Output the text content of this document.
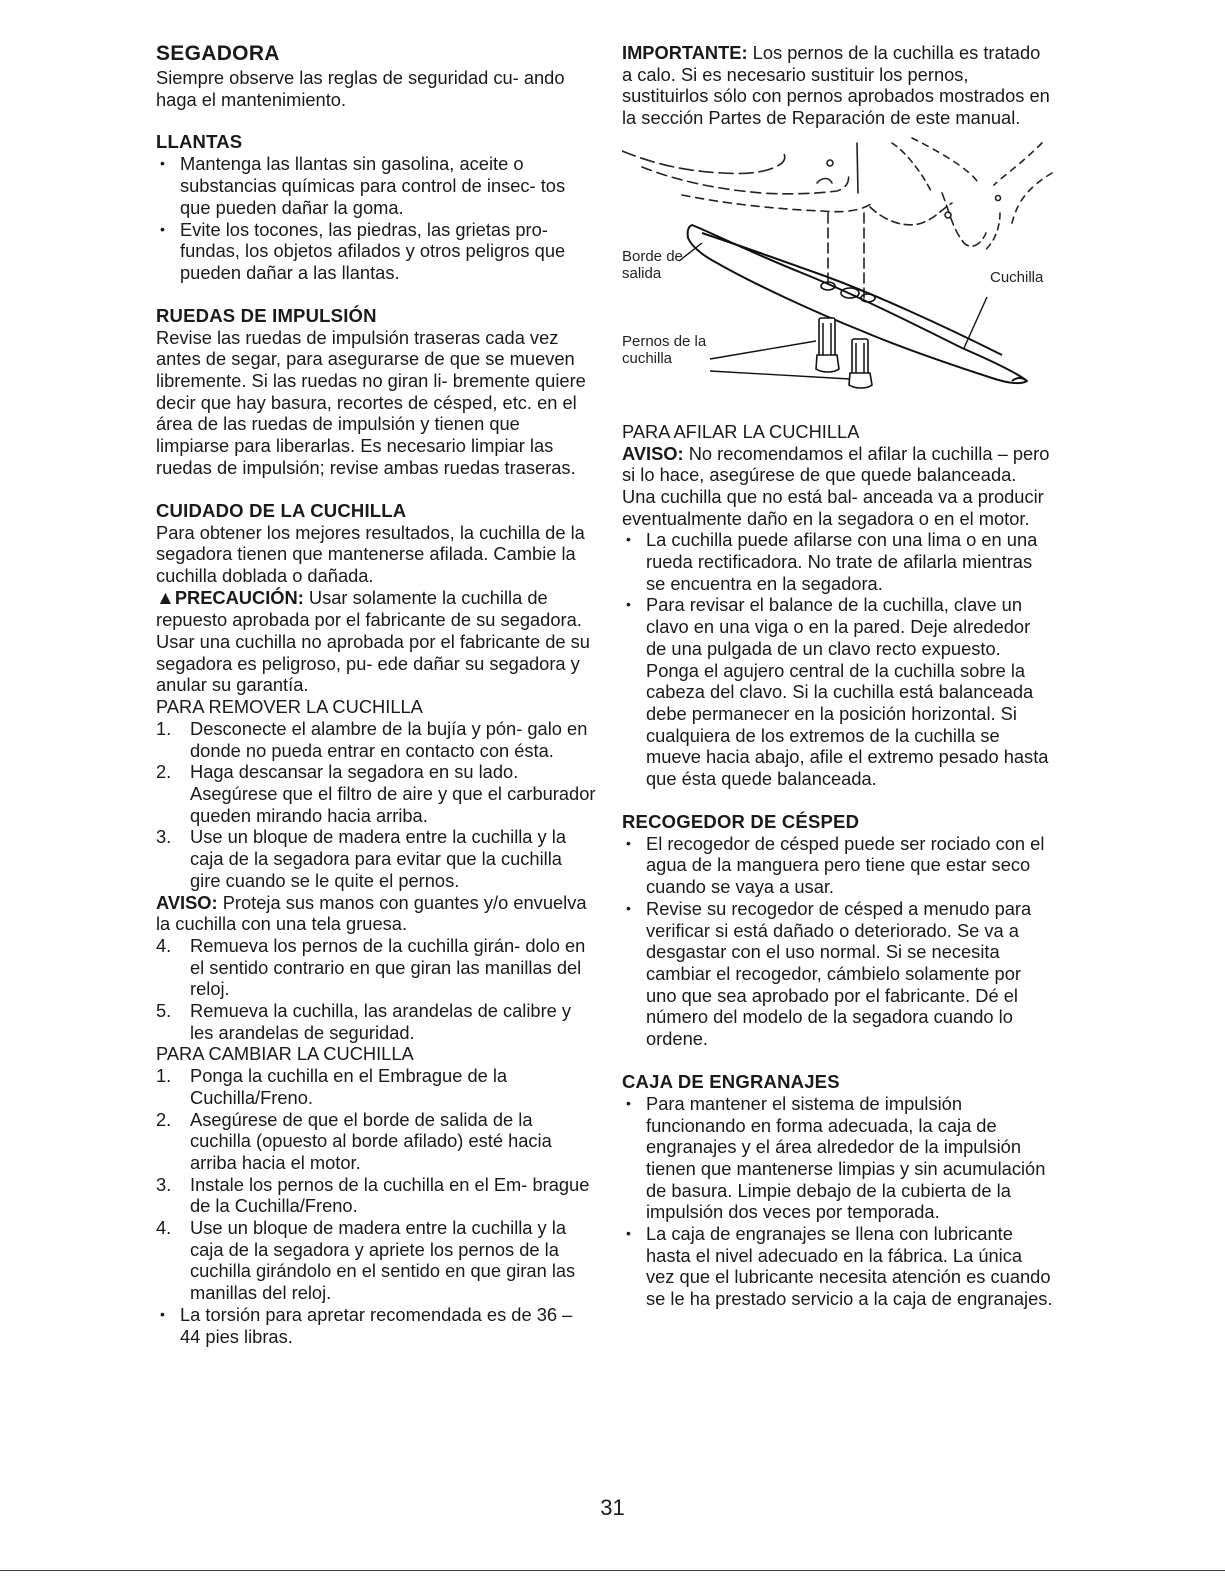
SEGADORA

Siempre observe las reglas de seguridad cu- ando haga el mantenimiento.

LLANTAS
• Mantenga las llantas sin gasolina, aceite o substancias químicas para control de insec- tos que pueden dañar la goma.
• Evite los tocones, las piedras, las grietas pro- fundas, los objetos afilados y otros peligros que pueden dañar a las llantas.
RUEDAS DE IMPULSIÓN

Revise las ruedas de impulsión traseras cada vez antes de segar, para asegurarse de que se mueven libremente. Si las ruedas no giran li- bremente quiere decir que hay basura, recortes de césped, etc. en el área de las ruedas de impulsión y tienen que limpiarse para liberarlas. Es necesario limpiar las ruedas de impulsión; revise ambas ruedas traseras.

CUIDADO DE LA CUCHILLA

Para obtener los mejores resultados, la cuchilla de la segadora tienen que mantenerse afilada. Cambie la cuchilla doblada o dañada.

▲PRECAUCIÓN: Usar solamente la cuchilla de repuesto aprobada por el fabricante de su segadora. Usar una cuchilla no aprobada por el fabricante de su segadora es peligroso, pu- ede dañar su segadora y anular su garantía.

PARA REMOVER LA CUCHILLA

1.	Desconecte el alambre de la bujía y pón- galo en donde no pueda entrar en contacto con ésta.
2.	Haga descansar la segadora en su lado. Asegúrese que el filtro de aire y que el carburador queden mirando hacia arriba.
3.	Use un bloque de madera entre la cuchilla y la caja de la segadora para evitar que la cuchilla gire cuando se le quite el pernos.

AVISO: Proteja sus manos con guantes y/o envuelva la cuchilla con una tela gruesa.

4.	Remueva los pernos de la cuchilla girán- dolo en el sentido contrario en que giran las manillas del reloj.
5.	Remueva la cuchilla, las arandelas de calibre y les arandelas de seguridad.

PARA CAMBIAR LA CUCHILLA

1.	Ponga la cuchilla en el Embrague de la Cuchilla/Freno.
2.	Asegúrese de que el borde de salida de la cuchilla (opuesto al borde afilado) esté hacia arriba hacia el motor.
3.	Instale los pernos de la cuchilla en el Em- brague de la Cuchilla/Freno.
4.	Use un bloque de madera entre la cuchilla y la caja de la segadora y apriete los pernos de la cuchilla girándolo en el sentido en que giran las manillas del reloj.
• La torsión para apretar recomendada es de 36 – 44 pies libras.

IMPORTANTE: Los pernos de la cuchilla es tratado a calo. Si es necesario sustituir los pernos, sustituirlos sólo con pernos aprobados mostrados en la sección Partes de Reparación de este manual.

Borde de salida	Cuchilla
Pernos de la cuchilla

PARA AFILAR LA CUCHILLA

AVISO: No recomendamos el afilar la cuchilla – pero si lo hace, asegúrese de que quede balanceada. Una cuchilla que no está bal- anceada va a producir eventualmente daño en la segadora o en el motor.

• La cuchilla puede afilarse con una lima o en una rueda rectificadora. No trate de afilarla mientras se encuentra en la segadora.
• Para revisar el balance de la cuchilla, clave un clavo en una viga o en la pared. Deje alrededor de una pulgada de un clavo recto expuesto. Ponga el agujero central de la cuchilla sobre la cabeza del clavo. Si la cuchilla está balanceada debe permanecer en la posición horizontal. Si cualquiera de los extremos de la cuchilla se mueve hacia abajo, afile el extremo pesado hasta que ésta quede balanceada.
RECOGEDOR DE CÉSPED
• El recogedor de césped puede ser rociado con el agua de la manguera pero tiene que estar seco cuando se vaya a usar.
• Revise su recogedor de césped a menudo para verificar si está dañado o deteriorado. Se va a desgastar con el uso normal. Si se necesita cambiar el recogedor, cámbielo solamente por uno que sea aprobado por el fabricante. Dé el número del modelo de la segadora cuando lo ordene.
CAJA DE ENGRANAJES
• Para mantener el sistema de impulsión funcionando en forma adecuada, la caja de engranajes y el área alrededor de la impulsión tienen que mantenerse limpias y sin acumulación de basura. Limpie debajo de la cubierta de la impulsión dos veces por temporada.
• La caja de engranajes se llena con lubricante hasta el nivel adecuado en la fábrica. La única vez que el lubricante necesita atención es cuando se le ha prestado servicio a la caja de engranajes.
31
